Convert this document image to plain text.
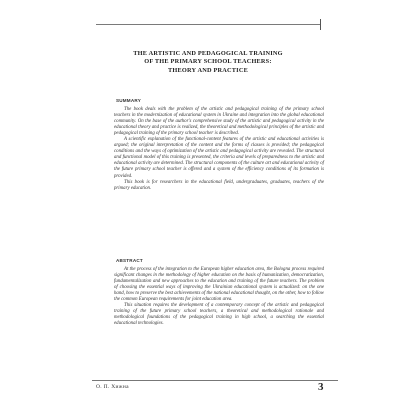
THE ARTISTIC AND PEDAGOGICAL TRAINING
OF THE PRIMARY SCHOOL TEACHERS:
THEORY AND PRACTICE
SUMMARY

The book deals with the problem of the artistic and pedagogical training of the primary school teachers in the modernization of educational system in Ukraine and integration into the global educational community. On the base of the author's comprehensive study of the artistic and pedagogical activity in the educational theory and practice is realized, the theoretical and methodological principles of the artistic and pedagogical training of the primary school teacher is described.

A scientific explanation of the functional-content features of the artistic and educational activities is argued; the original interpretation of the content and the forms of classes is provided; the pedagogical conditions and the ways of optimization of the artistic and pedagogical activity are revealed. The structural and functional model of this training is presented, the criteria and levels of preparedness to the artistic and educational activity are determined. The structural components of the culture art and educational activity of the future primary school teacher is offered and a system of the efficiency conditions of its formation is provided.

This book is for researchers in the educational field, undergraduates, graduates, teachers of the primary education.

ABSTRACT

At the process of the integration to the European higher education area, the Bologna process required significant changes in the methodology of higher education on the basis of humanization, democratization, fundamentalization and new approaches to the education and training of the future teachers. The problem of choosing the essential ways of improving the Ukrainian educational system is actualized: on the one hand, how to preserve the best achievements of the national educational thought, on the other, how to follow the common European requirements for joint education area.

This situation requires the development of a contemporary concept of the artistic and pedagogical training of the future primary school teachers, a theoretical and methodological rationale and methodological foundations of the pedagogical training in high school, a searching the essential educational technologies.

О. П. Хижна	3
